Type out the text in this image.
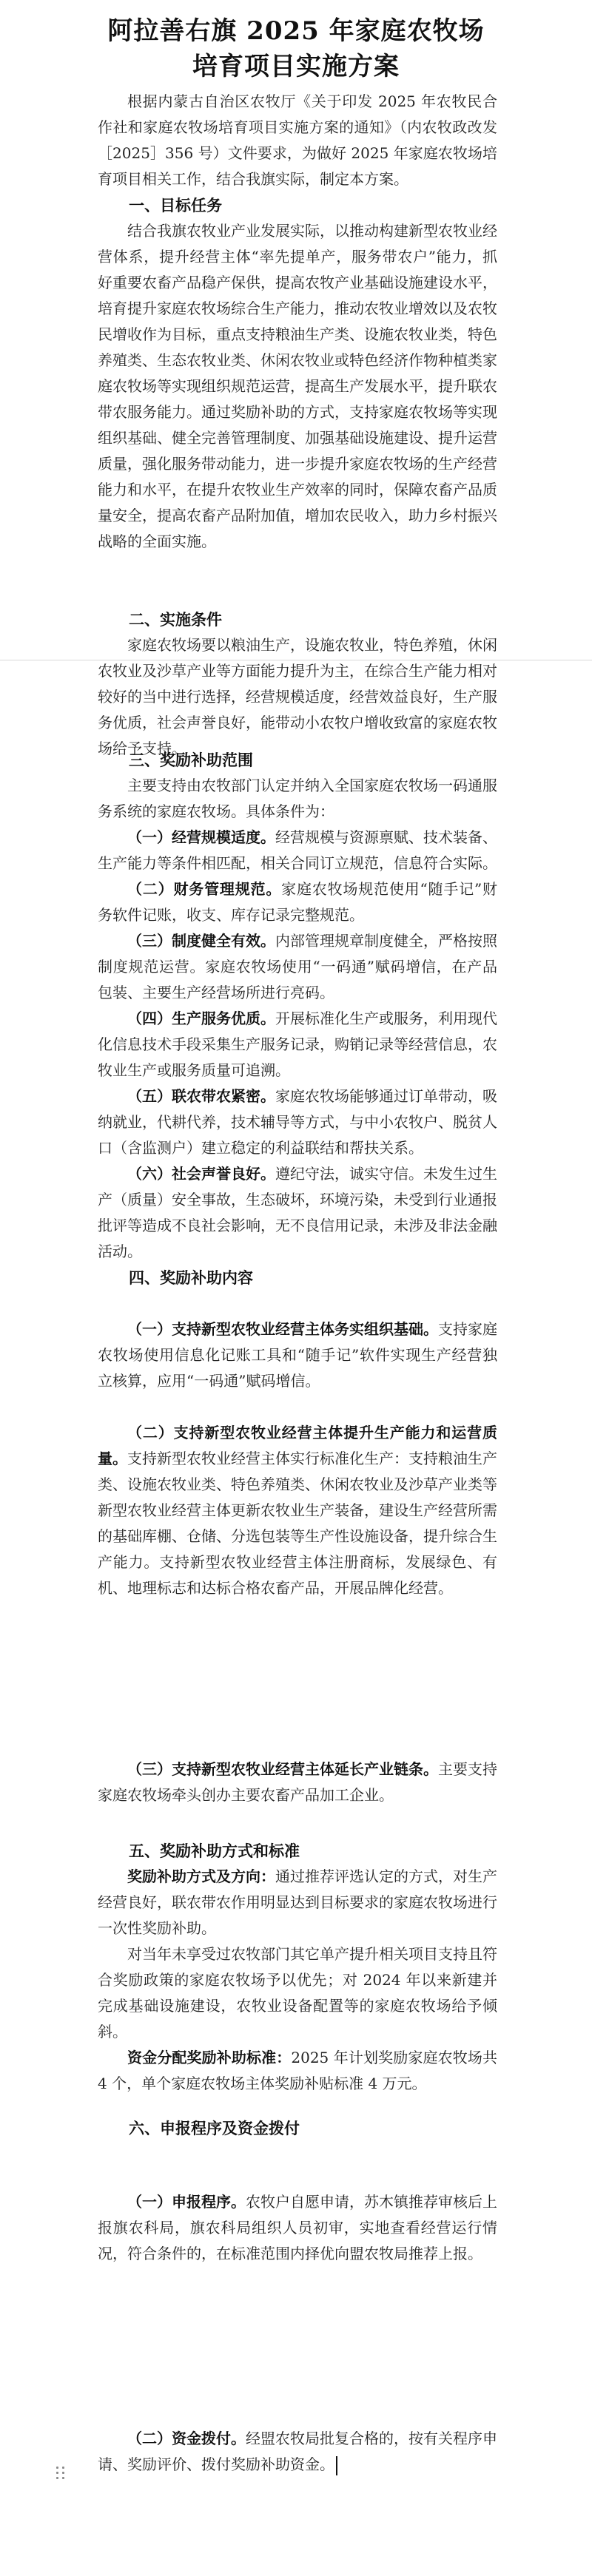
阿拉善右旗 2025 年家庭农牧场
培育项目实施方案
根据内蒙古自治区农牧厅《关于印发 2025 年农牧民合作社和家庭农牧场培育项目实施方案的通知》（内农牧政改发［2025］356 号）文件要求，为做好 2025 年家庭农牧场培育项目相关工作，结合我旗实际，制定本方案。
一、目标任务
结合我旗农牧业产业发展实际，以推动构建新型农牧业经营体系，提升经营主体“率先提单产，服务带农户”能力，抓好重要农畜产品稳产保供，提高农牧产业基础设施建设水平，培育提升家庭农牧场综合生产能力，推动农牧业增效以及农牧民增收作为目标，重点支持粮油生产类、设施农牧业类，特色养殖类、生态农牧业类、休闲农牧业或特色经济作物种植类家庭农牧场等实现组织规范运营，提高生产发展水平，提升联农带农服务能力。通过奖励补助的方式，支持家庭农牧场等实现组织基础、健全完善管理制度、加强基础设施建设、提升运营质量，强化服务带动能力，进一步提升家庭农牧场的生产经营能力和水平，在提升农牧业生产效率的同时，保障农畜产品质量安全，提高农畜产品附加值，增加农民收入，助力乡村振兴战略的全面实施。
二、实施条件
家庭农牧场要以粮油生产，设施农牧业，特色养殖，休闲农牧业及沙草产业等方面能力提升为主，在综合生产能力相对较好的当中进行选择，经营规模适度，经营效益良好，生产服务优质，社会声誉良好，能带动小农牧户增收致富的家庭农牧场给予支持。
三、奖励补助范围
主要支持由农牧部门认定并纳入全国家庭农牧场一码通服务系统的家庭农牧场。具体条件为：
（一）经营规模适度。经营规模与资源禀赋、技术装备、生产能力等条件相匹配，相关合同订立规范，信息符合实际。
（二）财务管理规范。家庭农牧场规范使用“随手记”财务软件记账，收支、库存记录完整规范。
（三）制度健全有效。内部管理规章制度健全，严格按照制度规范运营。家庭农牧场使用“一码通”赋码增信，在产品包装、主要生产经营场所进行亮码。
（四）生产服务优质。开展标准化生产或服务，利用现代化信息技术手段采集生产服务记录，购销记录等经营信息，农牧业生产或服务质量可追溯。
（五）联农带农紧密。家庭农牧场能够通过订单带动，吸纳就业，代耕代养，技术辅导等方式，与中小农牧户、脱贫人口（含监测户）建立稳定的利益联结和帮扶关系。
（六）社会声誉良好。遵纪守法，诚实守信。未发生过生产（质量）安全事故，生态破坏，环境污染，未受到行业通报批评等造成不良社会影响，无不良信用记录，未涉及非法金融活动。
四、奖励补助内容
（一）支持新型农牧业经营主体务实组织基础。支持家庭农牧场使用信息化记账工具和“随手记”软件实现生产经营独立核算，应用“一码通”赋码增信。
（二）支持新型农牧业经营主体提升生产能力和运营质量。支持新型农牧业经营主体实行标准化生产：支持粮油生产类、设施农牧业类、特色养殖类、休闲农牧业及沙草产业类等新型农牧业经营主体更新农牧业生产装备，建设生产经营所需的基础库棚、仓储、分选包装等生产性设施设备，提升综合生产能力。支持新型农牧业经营主体注册商标，发展绿色、有机、地理标志和达标合格农畜产品，开展品牌化经营。
（三）支持新型农牧业经营主体延长产业链条。主要支持家庭农牧场牵头创办主要农畜产品加工企业。
五、奖励补助方式和标准
奖励补助方式及方向：通过推荐评选认定的方式，对生产经营良好，联农带农作用明显达到目标要求的家庭农牧场进行一次性奖励补助。
对当年未享受过农牧部门其它单产提升相关项目支持且符合奖励政策的家庭农牧场予以优先；对 2024 年以来新建并完成基础设施建设，农牧业设备配置等的家庭农牧场给予倾斜。
资金分配奖励补助标准：2025 年计划奖励家庭农牧场共 4 个，单个家庭农牧场主体奖励补贴标准 4 万元。
六、申报程序及资金拨付
（一）申报程序。农牧户自愿申请，苏木镇推荐审核后上报旗农科局，旗农科局组织人员初审，实地查看经营运行情况，符合条件的，在标准范围内择优向盟农牧局推荐上报。
（二）资金拨付。经盟农牧局批复合格的，按有关程序申请、奖励评价、拨付奖励补助资金。
